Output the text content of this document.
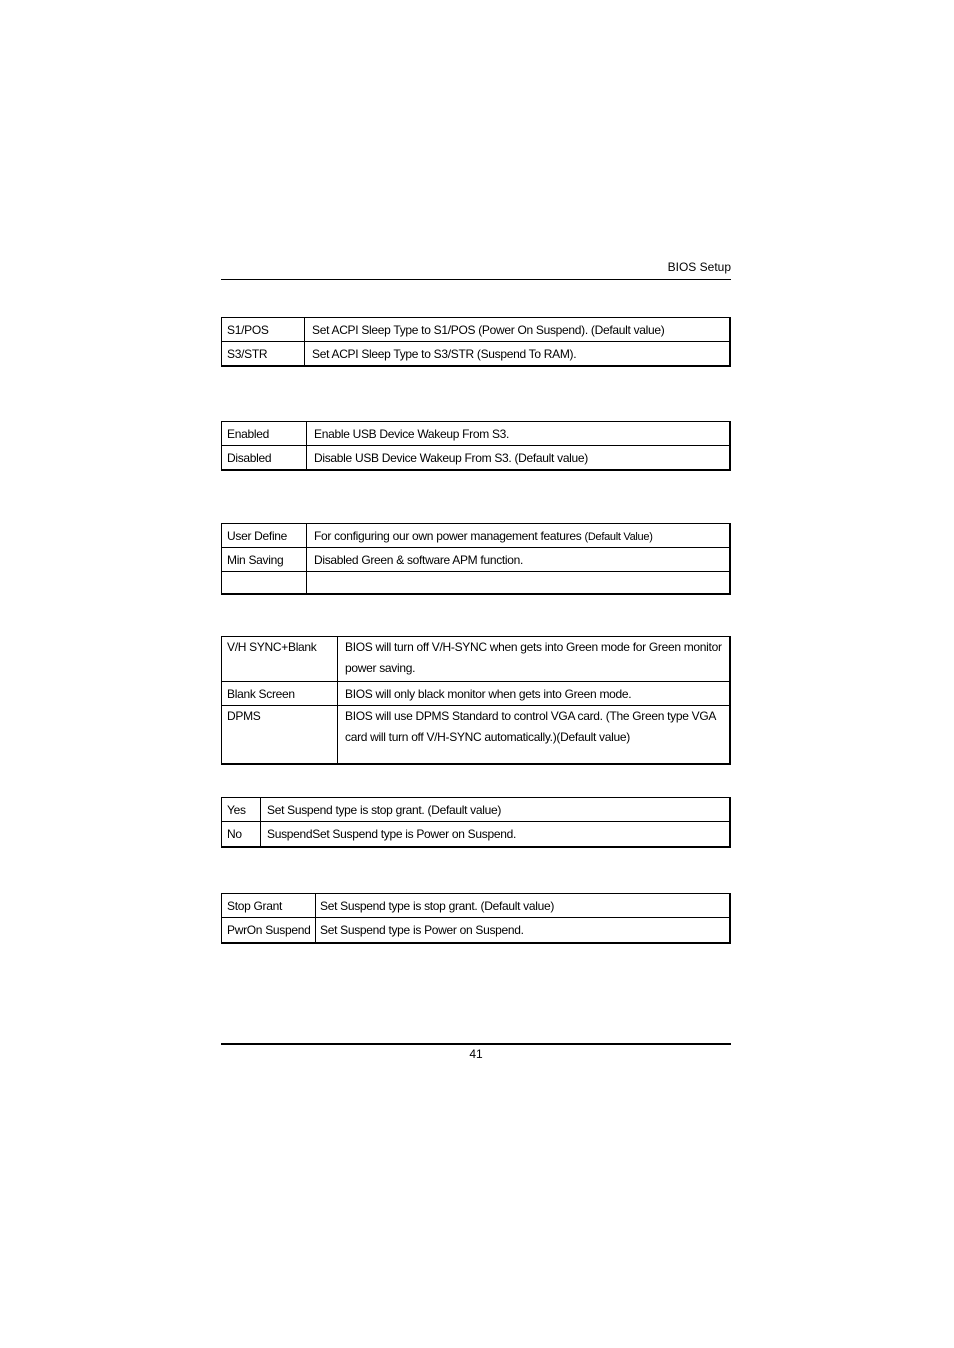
BIOS Setup
S1/POS	Set ACPI Sleep Type to S1/POS (Power On Suspend). (Default value)
S3/STR	Set ACPI Sleep Type to S3/STR (Suspend To RAM).
Enabled	Enable USB Device Wakeup From S3.
Disabled	Disable USB Device Wakeup From S3. (Default value)
User Define	For configuring our own power management features (Default Value)
Min Saving	Disabled Green & software APM function.

V/H SYNC+Blank	BIOS will turn off V/H-SYNC when gets into Green mode for Green monitor power saving.
Blank Screen	BIOS will only black monitor when gets into Green mode.
DPMS	BIOS will use DPMS Standard to control VGA card. (The Green type VGA card will turn off V/H-SYNC automatically.)(Default value)
Yes	Set Suspend type is stop grant. (Default value)
No	SuspendSet Suspend type is Power on Suspend.
Stop Grant	Set Suspend type is stop grant. (Default value)
PwrOn Suspend	Set Suspend type is Power on Suspend.
41
